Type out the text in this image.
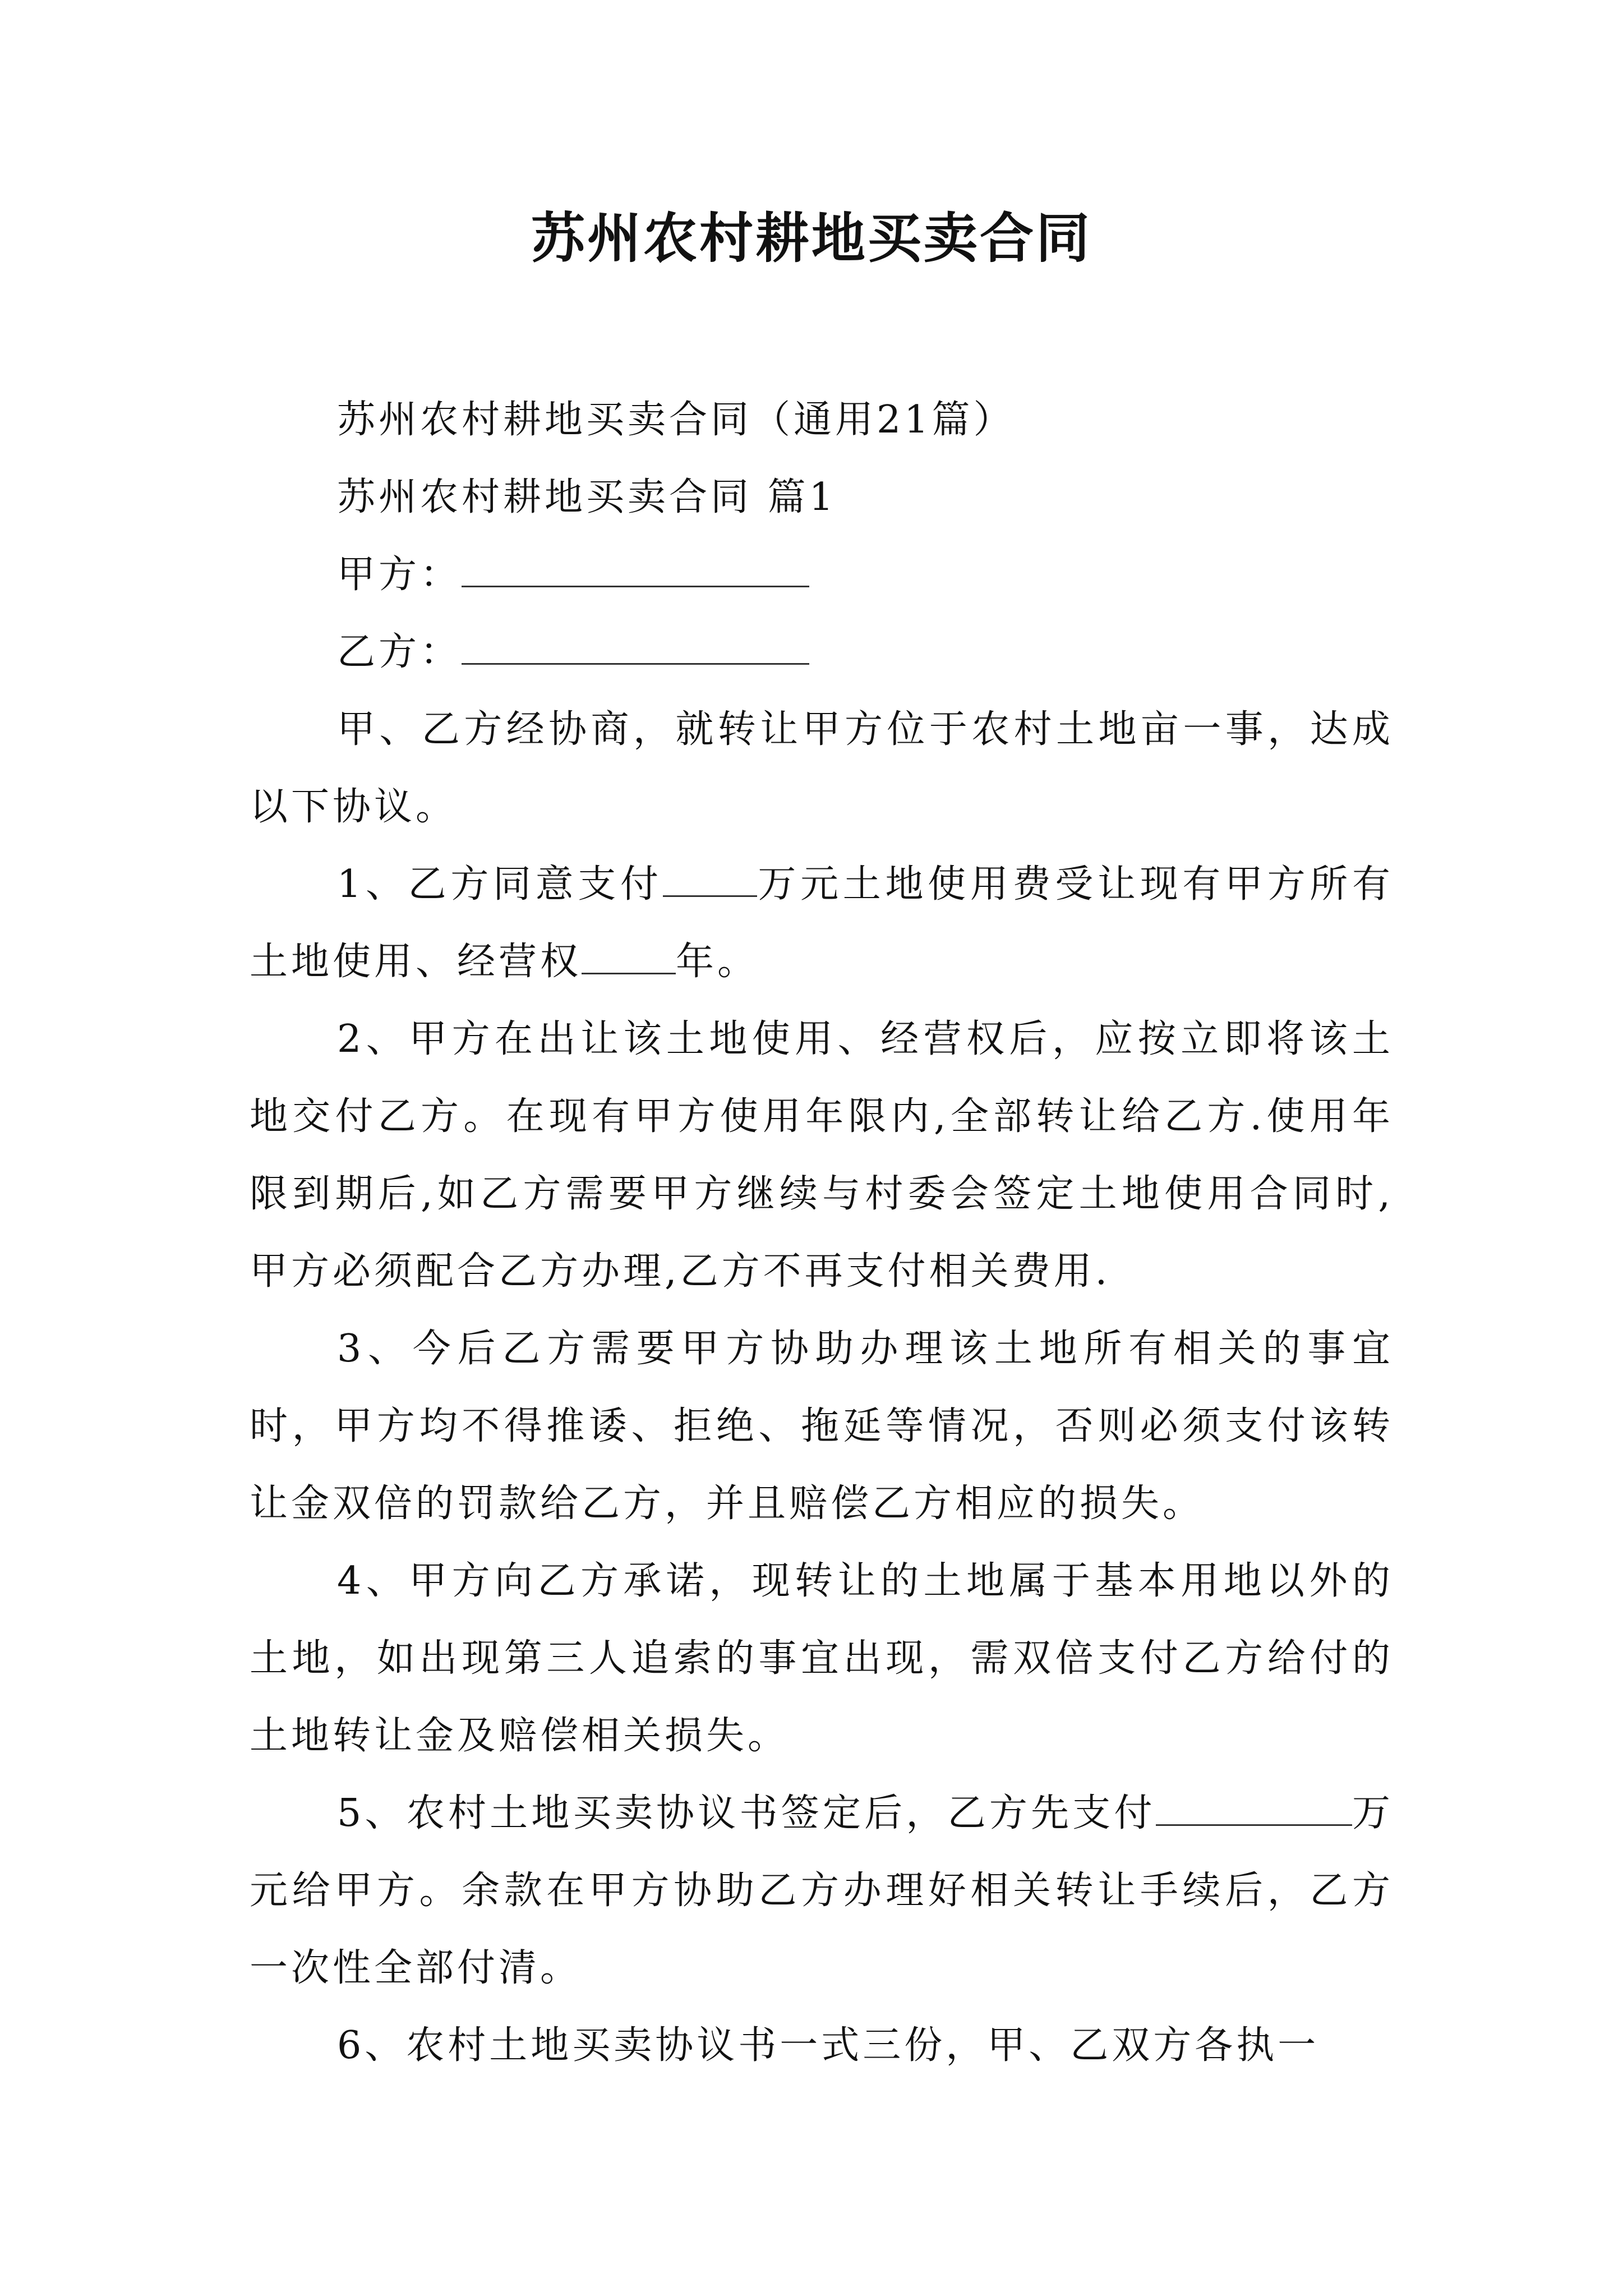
苏州农村耕地买卖合同

苏州农村耕地买卖合同（通用21篇）

苏州农村耕地买卖合同 篇1

甲方：

乙方：

甲、乙方经协商，就转让甲方位于农村土地亩一事，达成以下协议。

1、乙方同意支付 万元土地使用费受让现有甲方所有土地使用、经营权 年。

2、甲方在出让该土地使用、经营权后，应按立即将该土地交付乙方。在现有甲方使用年限内,全部转让给乙方.使用年限到期后,如乙方需要甲方继续与村委会签定土地使用合同时,甲方必须配合乙方办理,乙方不再支付相关费用.

3、今后乙方需要甲方协助办理该土地所有相关的事宜时，甲方均不得推诿、拒绝、拖延等情况，否则必须支付该转让金双倍的罚款给乙方，并且赔偿乙方相应的损失。

4、甲方向乙方承诺，现转让的土地属于基本用地以外的土地，如出现第三人追索的事宜出现，需双倍支付乙方给付的土地转让金及赔偿相关损失。

5、农村土地买卖协议书签定后，乙方先支付	万元给甲方。余款在甲方协助乙方办理好相关转让手续后，乙方一次性全部付清。

6、农村土地买卖协议书一式三份，甲、乙双方各执一
